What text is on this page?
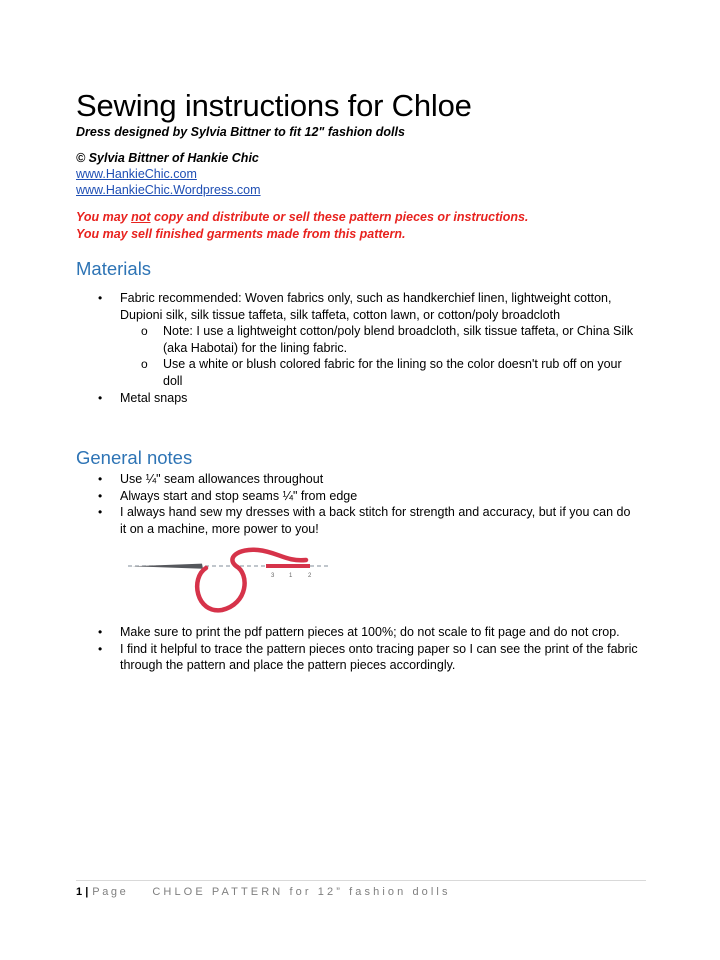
Sewing instructions for Chloe

Dress designed by Sylvia Bittner to fit 12" fashion dolls

© Sylvia Bittner of Hankie Chic

www.HankieChic.com
www.HankieChic.Wordpress.com

You may not copy and distribute or sell these pattern pieces or instructions.

You may sell finished garments made from this pattern.

Materials
• Fabric recommended: Woven fabrics only, such as handkerchief linen, lightweight cotton, Dupioni silk, silk tissue taffeta, silk taffeta, cotton lawn, or cotton/poly broadcloth
o Note: I use a lightweight cotton/poly blend broadcloth, silk tissue taffeta, or China Silk (aka Habotai) for the lining fabric.
o Use a white or blush colored fabric for the lining so the color doesn't rub off on your doll
• Metal snaps
General notes
• Use ¼" seam allowances throughout
• Always start and stop seams ¼" from edge
• I always hand sew my dresses with a back stitch for strength and accuracy, but if you can do it on a machine, more power to you!
3 1	2
• Make sure to print the pdf pattern pieces at 100%; do not scale to fit page and do not crop.
• I find it helpful to trace the pattern pieces onto tracing paper so I can see the print of the fabric through the pattern and place the pattern pieces accordingly.
1 | Page CHLOE PATTERN for 12” fashion dolls
